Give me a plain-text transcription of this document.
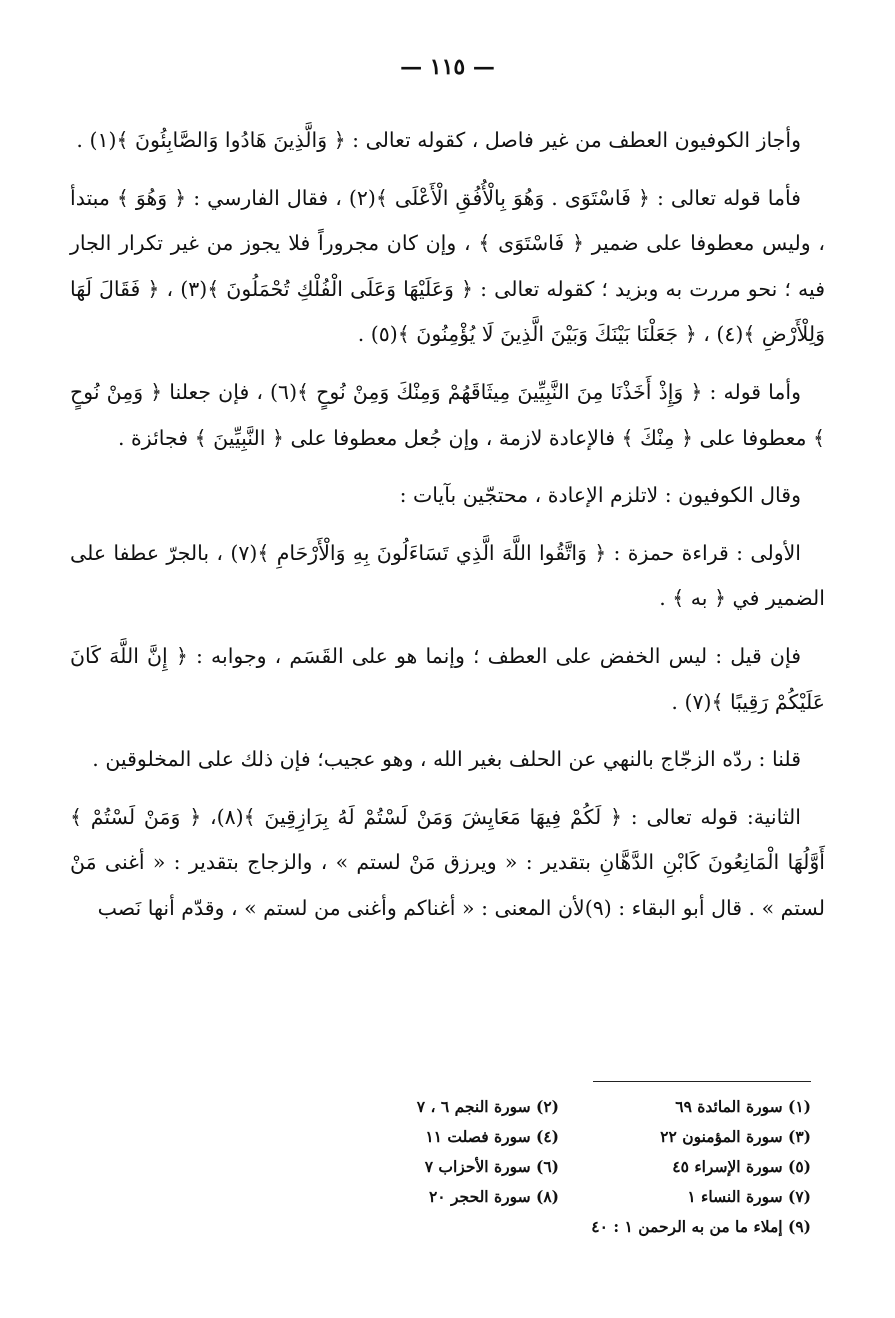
— ١١٥ —

وأجاز الكوفيون العطف من غير فاصل ، كقوله تعالى : ﴿ وَالَّذِينَ هَادُوا وَالصَّابِئُونَ ﴾(١) .

فأما قوله تعالى : ﴿ فَاسْتَوَى . وَهُوَ بِالْأُفُقِ الْأَعْلَى ﴾(٢) ، فقال الفارسي : ﴿ وَهُوَ ﴾ مبتدأ ، وليس معطوفا على ضمير ﴿ فَاسْتَوَى ﴾ ، وإن كان مجروراً فلا يجوز من غير تكرار الجار فيه ؛ نحو مررت به وبزيد ؛ كقوله تعالى : ﴿ وَعَلَيْهَا وَعَلَى الْفُلْكِ تُحْمَلُونَ ﴾(٣) ، ﴿ فَقَالَ لَهَا وَلِلْأَرْضِ ﴾(٤) ، ﴿ جَعَلْنَا بَيْنَكَ وَبَيْنَ الَّذِينَ لَا يُؤْمِنُونَ ﴾(٥) .

وأما قوله : ﴿ وَإِذْ أَخَذْنَا مِنَ النَّبِيِّينَ مِيثَاقَهُمْ وَمِنْكَ وَمِنْ نُوحٍ ﴾(٦) ، فإن جعلنا ﴿ وَمِنْ نُوحٍ ﴾ معطوفا على ﴿ مِنْكَ ﴾ فالإعادة لازمة ، وإن جُعل معطوفا على ﴿ النَّبِيِّينَ ﴾ فجائزة .

وقال الكوفيون : لاتلزم الإعادة ، محتجّين بآيات :

الأولى : قراءة حمزة : ﴿ وَاتَّقُوا اللَّهَ الَّذِي تَسَاءَلُونَ بِهِ وَالْأَرْحَامِ ﴾(٧) ، بالجرّ عطفا على الضمير في ﴿ به ﴾ .

فإن قيل : ليس الخفض على العطف ؛ وإنما هو على القَسَم ، وجوابه : ﴿ إِنَّ اللَّهَ كَانَ عَلَيْكُمْ رَقِيبًا ﴾(٧) .

قلنا : ردّه الزجّاج بالنهي عن الحلف بغير الله ، وهو عجيب؛ فإن ذلك على المخلوقين .

الثانية: قوله تعالى : ﴿ لَكُمْ فِيهَا مَعَايِشَ وَمَنْ لَسْتُمْ لَهُ بِرَازِقِينَ ﴾(٨)، ﴿ وَمَنْ لَسْتُمْ ﴾ أَوَّلُهَا الْمَانِعُونَ كَابْنِ الدَّهَّانِ بتقدير : « ويرزق مَنْ لستم » ، والزجاج بتقدير : « أغنى مَنْ لستم » . قال أبو البقاء : (٩)لأن المعنى : « أغناكم وأغنى من لستم » ، وقدّم أنها نَصب

(١) سورة المائدة ٦٩
(٢) سورة النجم ٦ ، ٧
(٣) سورة المؤمنون ٢٢
(٤) سورة فصلت ١١
(٥) سورة الإسراء ٤٥
(٦) سورة الأحزاب ٧
(٧) سورة النساء ١
(٨) سورة الحجر ٢٠
(٩) إملاء ما من به الرحمن ١ : ٤٠
